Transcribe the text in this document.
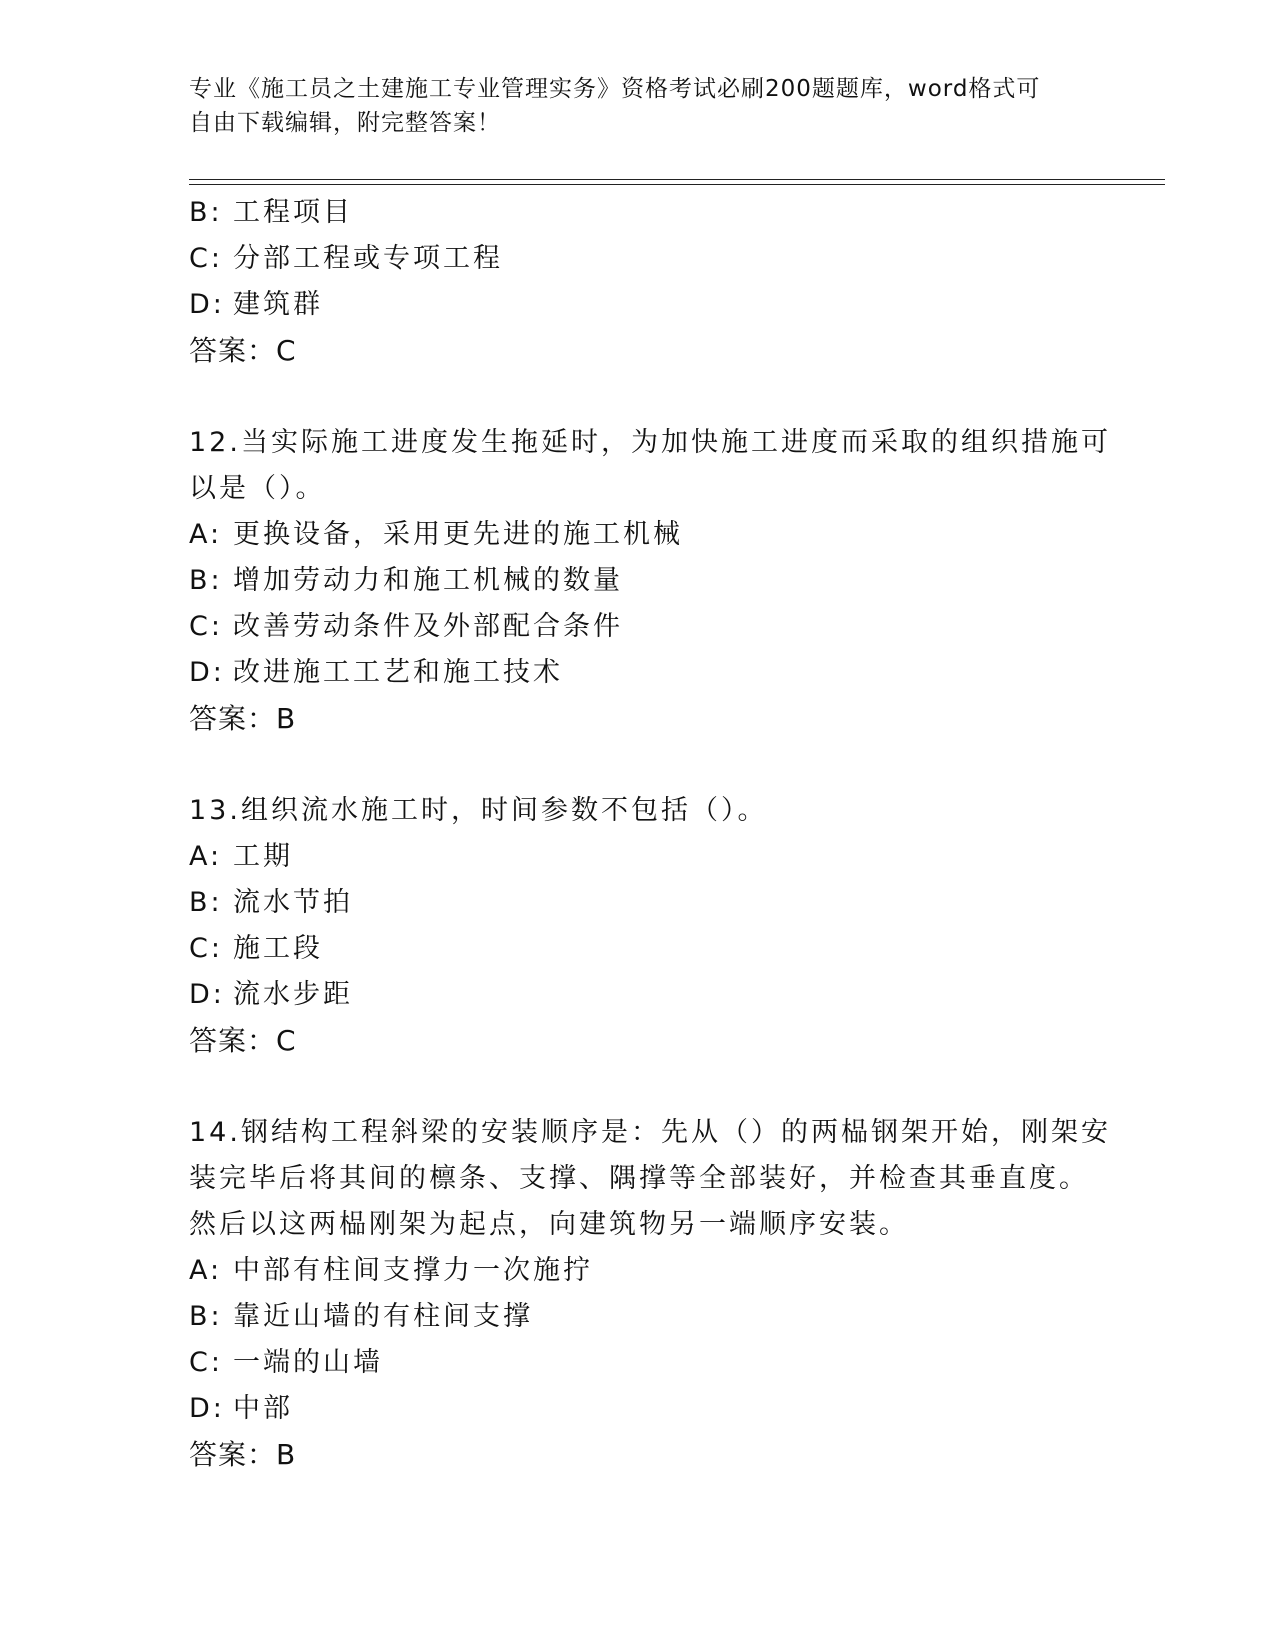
专业《施工员之土建施工专业管理实务》资格考试必刷200题题库，word格式可
自由下载编辑，附完整答案！
B: 工程项目
C: 分部工程或专项工程
D: 建筑群
答案：C
12.当实际施工进度发生拖延时，为加快施工进度而采取的组织措施可
以是（）。
A: 更换设备，采用更先进的施工机械
B: 增加劳动力和施工机械的数量
C: 改善劳动条件及外部配合条件
D: 改进施工工艺和施工技术
答案：B
13.组织流水施工时，时间参数不包括（）。
A: 工期
B: 流水节拍
C: 施工段
D: 流水步距
答案：C
14.钢结构工程斜梁的安装顺序是：先从（）的两榀钢架开始，刚架安
装完毕后将其间的檩条、支撑、隅撑等全部装好，并检查其垂直度。
然后以这两榀刚架为起点，向建筑物另一端顺序安装。
A: 中部有柱间支撑力一次施拧
B: 靠近山墙的有柱间支撑
C: 一端的山墙
D: 中部
答案：B
